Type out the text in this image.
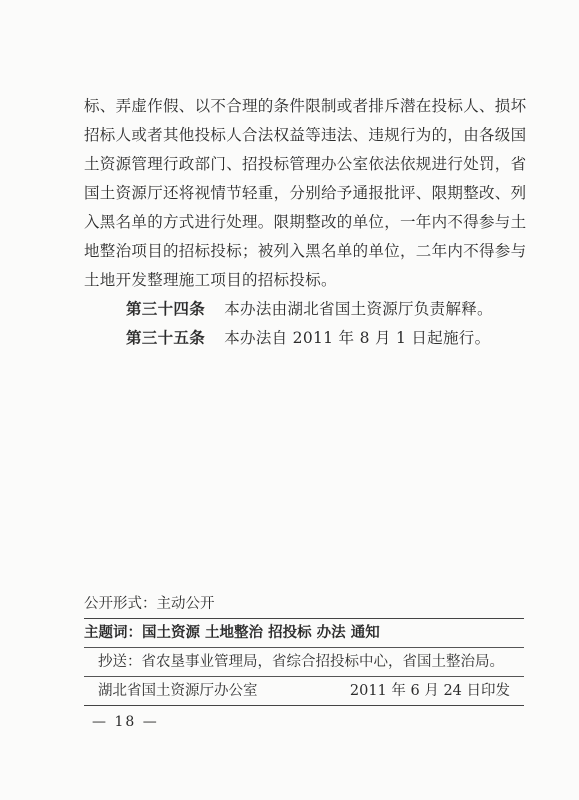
标、弄虚作假、以不合理的条件限制或者排斥潜在投标人、损坏
招标人或者其他投标人合法权益等违法、违规行为的，由各级国
土资源管理行政部门、招投标管理办公室依法依规进行处罚，省
国土资源厅还将视情节轻重，分别给予通报批评、限期整改、列
入黑名单的方式进行处理。限期整改的单位，一年内不得参与土
地整治项目的招标投标；被列入黑名单的单位，二年内不得参与
土地开发整理施工项目的招标投标。
第三十四条 本办法由湖北省国土资源厅负责解释。
第三十五条 本办法自 2011 年 8 月 1 日起施行。
公开形式：主动公开
主题词：国土资源 土地整治 招投标 办法 通知
抄送：省农垦事业管理局，省综合招投标中心，省国土整治局。
湖北省国土资源厅办公室	2011 年 6 月 24 日印发
— 18 —
